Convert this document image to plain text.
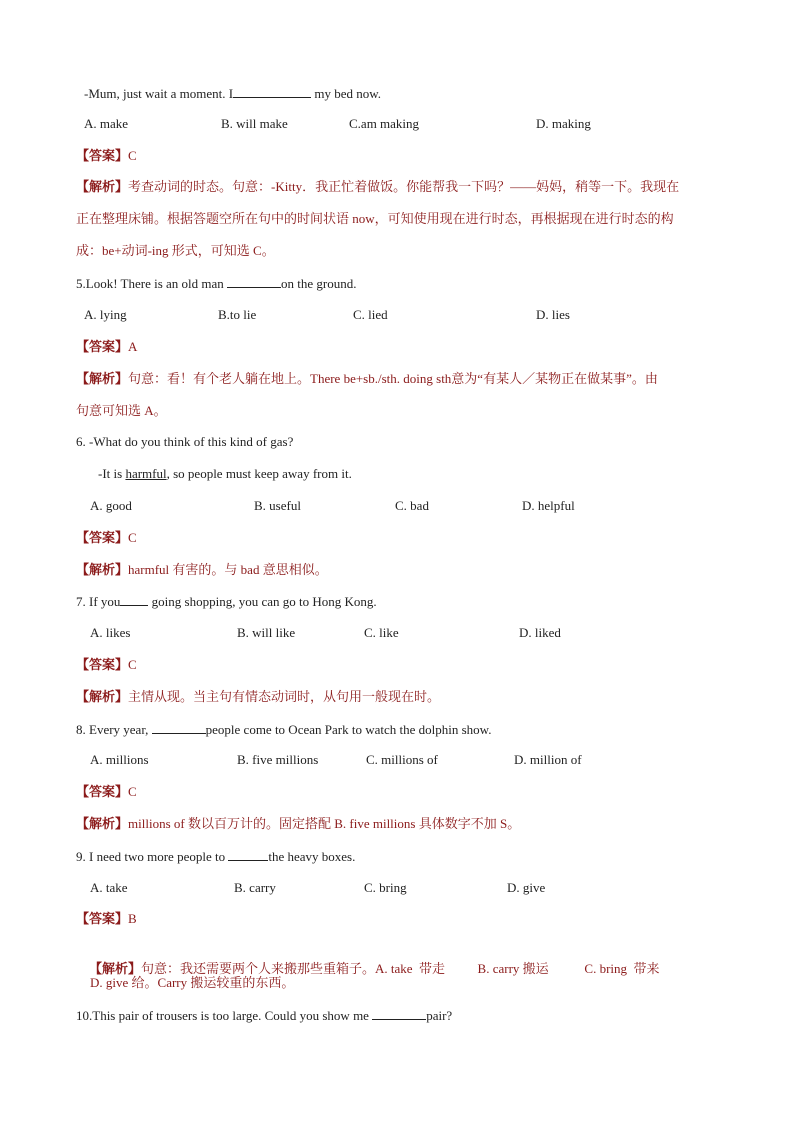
-Mum, just wait a moment. I	my bed now.
A. make	B. will make	C.am making	D. making
【答案】C
【解析】考查动词的时态。句意：-Kitty．我正忙着做饭。你能帮我一下吗？——妈妈，稍等一下。我现在
正在整理床铺。根据答题空所在句中的时间状语 now，可知使用现在进行时态，再根据现在进行时态的构
成：be+动词-ing 形式，可知选 C。
5.Look! There is an old man	on the ground.
A. lying	B.to lie	C. lied	D. lies
【答案】A
【解析】句意：看！有个老人躺在地上。There be+sb./sth. doing sth意为“有某人／某物正在做某事”。由
句意可知选 A。
6. -What do you think of this kind of gas?
-It is harmful, so people must keep away from it.
A. good	B. useful	C. bad	D. helpful
【答案】C
【解析】harmful 有害的。与 bad 意思相似。
7. If you going shopping, you can go to Hong Kong.
A. likes	B. will like	C. like	D. liked
【答案】C
【解析】主情从现。当主句有情态动词时，从句用一般现在时。
8. Every year,	people come to Ocean Park to watch the dolphin show.
A. millions	B. five millions	C. millions of	D. million of
【答案】C
【解析】millions of 数以百万计的。固定搭配 B. five millions 具体数字不加 S。
9. I need two more people to	the heavy boxes.
A. take	B. carry	C. bring	D. give
【答案】B

【解析】句意：我还需要两个人来搬那些重箱子。A. take  带走          B. carry 搬运           C. bring  带来

D. give 给。Carry 搬运较重的东西。
10.This pair of trousers is too large. Could you show me	pair?
